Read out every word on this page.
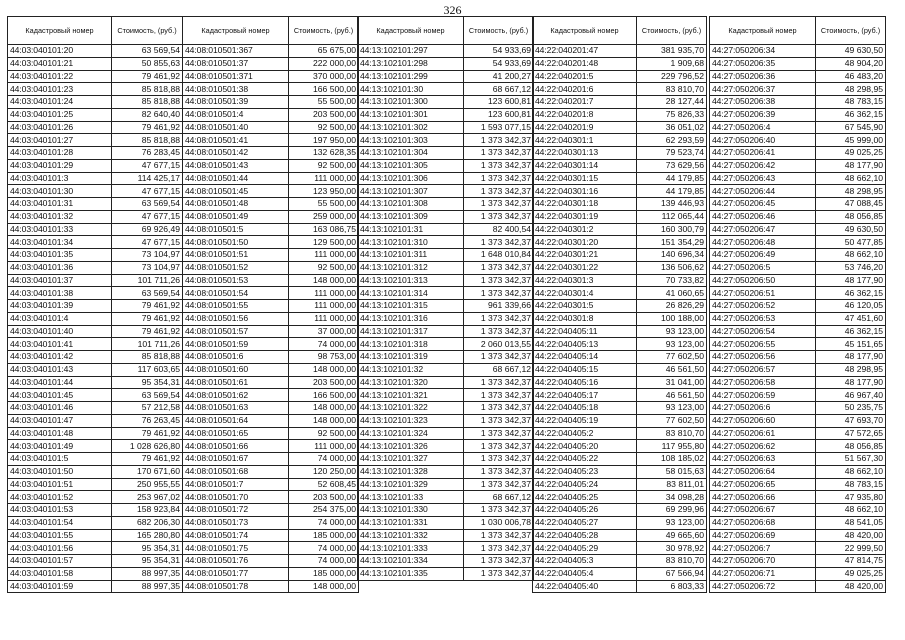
326
Кадастровый номер	Стоимость, (руб.)
44:03:040101:20	63 569,54
44:03:040101:21	50 855,63
44:03:040101:22	79 461,92
44:03:040101:23	85 818,88
44:03:040101:24	85 818,88
44:03:040101:25	82 640,40
44:03:040101:26	79 461,92
44:03:040101:27	85 818,88
44:03:040101:28	76 283,45
44:03:040101:29	47 677,15
44:03:040101:3	114 425,17
44:03:040101:30	47 677,15
44:03:040101:31	63 569,54
44:03:040101:32	47 677,15
44:03:040101:33	69 926,49
44:03:040101:34	47 677,15
44:03:040101:35	73 104,97
44:03:040101:36	73 104,97
44:03:040101:37	101 711,26
44:03:040101:38	63 569,54
44:03:040101:39	79 461,92
44:03:040101:4	79 461,92
44:03:040101:40	79 461,92
44:03:040101:41	101 711,26
44:03:040101:42	85 818,88
44:03:040101:43	117 603,65
44:03:040101:44	95 354,31
44:03:040101:45	63 569,54
44:03:040101:46	57 212,58
44:03:040101:47	76 263,45
44:03:040101:48	79 461,92
44:03:040101:49	1 028 626,80
44:03:040101:5	79 461,92
44:03:040101:50	170 671,60
44:03:040101:51	250 955,55
44:03:040101:52	253 967,02
44:03:040101:53	158 923,84
44:03:040101:54	682 206,30
44:03:040101:55	165 280,80
44:03:040101:56	95 354,31
44:03:040101:57	95 354,31
44:03:040101:58	88 997,35
44:03:040101:59	88 997,35
Кадастровый номер	Стоимость, (руб.)
44:08:010501:367	65 675,00
44:08:010501:37	222 000,00
44:08:010501:371	370 000,00
44:08:010501:38	166 500,00
44:08:010501:39	55 500,00
44:08:010501:4	203 500,00
44:08:010501:40	92 500,00
44:08:010501:41	197 950,00
44:08:010501:42	132 628,35
44:08:010501:43	92 500,00
44:08:010501:44	111 000,00
44:08:010501:45	123 950,00
44:08:010501:48	55 500,00
44:08:010501:49	259 000,00
44:08:010501:5	163 086,75
44:08:010501:50	129 500,00
44:08:010501:51	111 000,00
44:08:010501:52	92 500,00
44:08:010501:53	148 000,00
44:08:010501:54	111 000,00
44:08:010501:55	111 000,00
44:08:010501:56	111 000,00
44:08:010501:57	37 000,00
44:08:010501:59	74 000,00
44:08:010501:6	98 753,00
44:08:010501:60	148 000,00
44:08:010501:61	203 500,00
44:08:010501:62	166 500,00
44:08:010501:63	148 000,00
44:08:010501:64	148 000,00
44:08:010501:65	92 500,00
44:08:010501:66	111 000,00
44:08:010501:67	74 000,00
44:08:010501:68	120 250,00
44:08:010501:7	52 608,45
44:08:010501:70	203 500,00
44:08:010501:72	254 375,00
44:08:010501:73	74 000,00
44:08:010501:74	185 000,00
44:08:010501:75	74 000,00
44:08:010501:76	74 000,00
44:08:010501:77	185 000,00
44:08:010501:78	148 000,00
Кадастровый номер	Стоимость, (руб.)
44:13:102101:297	54 933,69
44:13:102101:298	54 933,69
44:13:102101:299	41 200,27
44:13:102101:30	68 667,12
44:13:102101:300	123 600,81
44:13:102101:301	123 600,81
44:13:102101:302	1 593 077,15
44:13:102101:303	1 373 342,37
44:13:102101:304	1 373 342,37
44:13:102101:305	1 373 342,37
44:13:102101:306	1 373 342,37
44:13:102101:307	1 373 342,37
44:13:102101:308	1 373 342,37
44:13:102101:309	1 373 342,37
44:13:102101:31	82 400,54
44:13:102101:310	1 373 342,37
44:13:102101:311	1 648 010,84
44:13:102101:312	1 373 342,37
44:13:102101:313	1 373 342,37
44:13:102101:314	1 373 342,37
44:13:102101:315	961 339,66
44:13:102101:316	1 373 342,37
44:13:102101:317	1 373 342,37
44:13:102101:318	2 060 013,55
44:13:102101:319	1 373 342,37
44:13:102101:32	68 667,12
44:13:102101:320	1 373 342,37
44:13:102101:321	1 373 342,37
44:13:102101:322	1 373 342,37
44:13:102101:323	1 373 342,37
44:13:102101:324	1 373 342,37
44:13:102101:326	1 373 342,37
44:13:102101:327	1 373 342,37
44:13:102101:328	1 373 342,37
44:13:102101:329	1 373 342,37
44:13:102101:33	68 667,12
44:13:102101:330	1 373 342,37
44:13:102101:331	1 030 006,78
44:13:102101:332	1 373 342,37
44:13:102101:333	1 373 342,37
44:13:102101:334	1 373 342,37
44:13:102101:335	1 373 342,37
Кадастровый номер	Стоимость, (руб.)
44:22:040201:47	381 935,70
44:22:040201:48	1 909,68
44:22:040201:5	229 796,52
44:22:040201:6	83 810,70
44:22:040201:7	28 127,44
44:22:040201:8	75 826,33
44:22:040201:9	36 051,02
44:22:040301:1	62 293,59
44:22:040301:13	79 523,74
44:22:040301:14	73 629,56
44:22:040301:15	44 179,85
44:22:040301:16	44 179,85
44:22:040301:18	139 446,93
44:22:040301:19	112 065,44
44:22:040301:2	160 300,79
44:22:040301:20	151 354,29
44:22:040301:21	140 696,34
44:22:040301:22	136 506,62
44:22:040301:3	70 733,82
44:22:040301:4	41 060,65
44:22:040301:5	26 826,29
44:22:040301:8	100 188,00
44:22:040405:11	93 123,00
44:22:040405:13	93 123,00
44:22:040405:14	77 602,50
44:22:040405:15	46 561,50
44:22:040405:16	31 041,00
44:22:040405:17	46 561,50
44:22:040405:18	93 123,00
44:22:040405:19	77 602,50
44:22:040405:2	83 810,70
44:22:040405:20	117 955,80
44:22:040405:22	108 185,02
44:22:040405:23	58 015,63
44:22:040405:24	83 811,01
44:22:040405:25	34 098,28
44:22:040405:26	69 299,96
44:22:040405:27	93 123,00
44:22:040405:28	49 665,60
44:22:040405:29	30 978,92
44:22:040405:3	83 810,70
44:22:040405:4	67 566,94
44:22:040405:40	6 803,33
Кадастровый номер	Стоимость, (руб.)
44:27:050206:34	49 630,50
44:27:050206:35	48 904,20
44:27:050206:36	46 483,20
44:27:050206:37	48 298,95
44:27:050206:38	48 783,15
44:27:050206:39	46 362,15
44:27:050206:4	67 545,90
44:27:050206:40	45 999,00
44:27:050206:41	49 025,25
44:27:050206:42	48 177,90
44:27:050206:43	48 662,10
44:27:050206:44	48 298,95
44:27:050206:45	47 088,45
44:27:050206:46	48 056,85
44:27:050206:47	49 630,50
44:27:050206:48	50 477,85
44:27:050206:49	48 662,10
44:27:050206:5	53 746,20
44:27:050206:50	48 177,90
44:27:050206:51	46 362,15
44:27:050206:52	46 120,05
44:27:050206:53	47 451,60
44:27:050206:54	46 362,15
44:27:050206:55	45 151,65
44:27:050206:56	48 177,90
44:27:050206:57	48 298,95
44:27:050206:58	48 177,90
44:27:050206:59	46 967,40
44:27:050206:6	50 235,75
44:27:050206:60	47 693,70
44:27:050206:61	47 572,65
44:27:050206:62	48 056,85
44:27:050206:63	51 567,30
44:27:050206:64	48 662,10
44:27:050206:65	48 783,15
44:27:050206:66	47 935,80
44:27:050206:67	48 662,10
44:27:050206:68	48 541,05
44:27:050206:69	48 420,00
44:27:050206:7	22 999,50
44:27:050206:70	47 814,75
44:27:050206:71	49 025,25
44:27:050206:72	48 420,00
